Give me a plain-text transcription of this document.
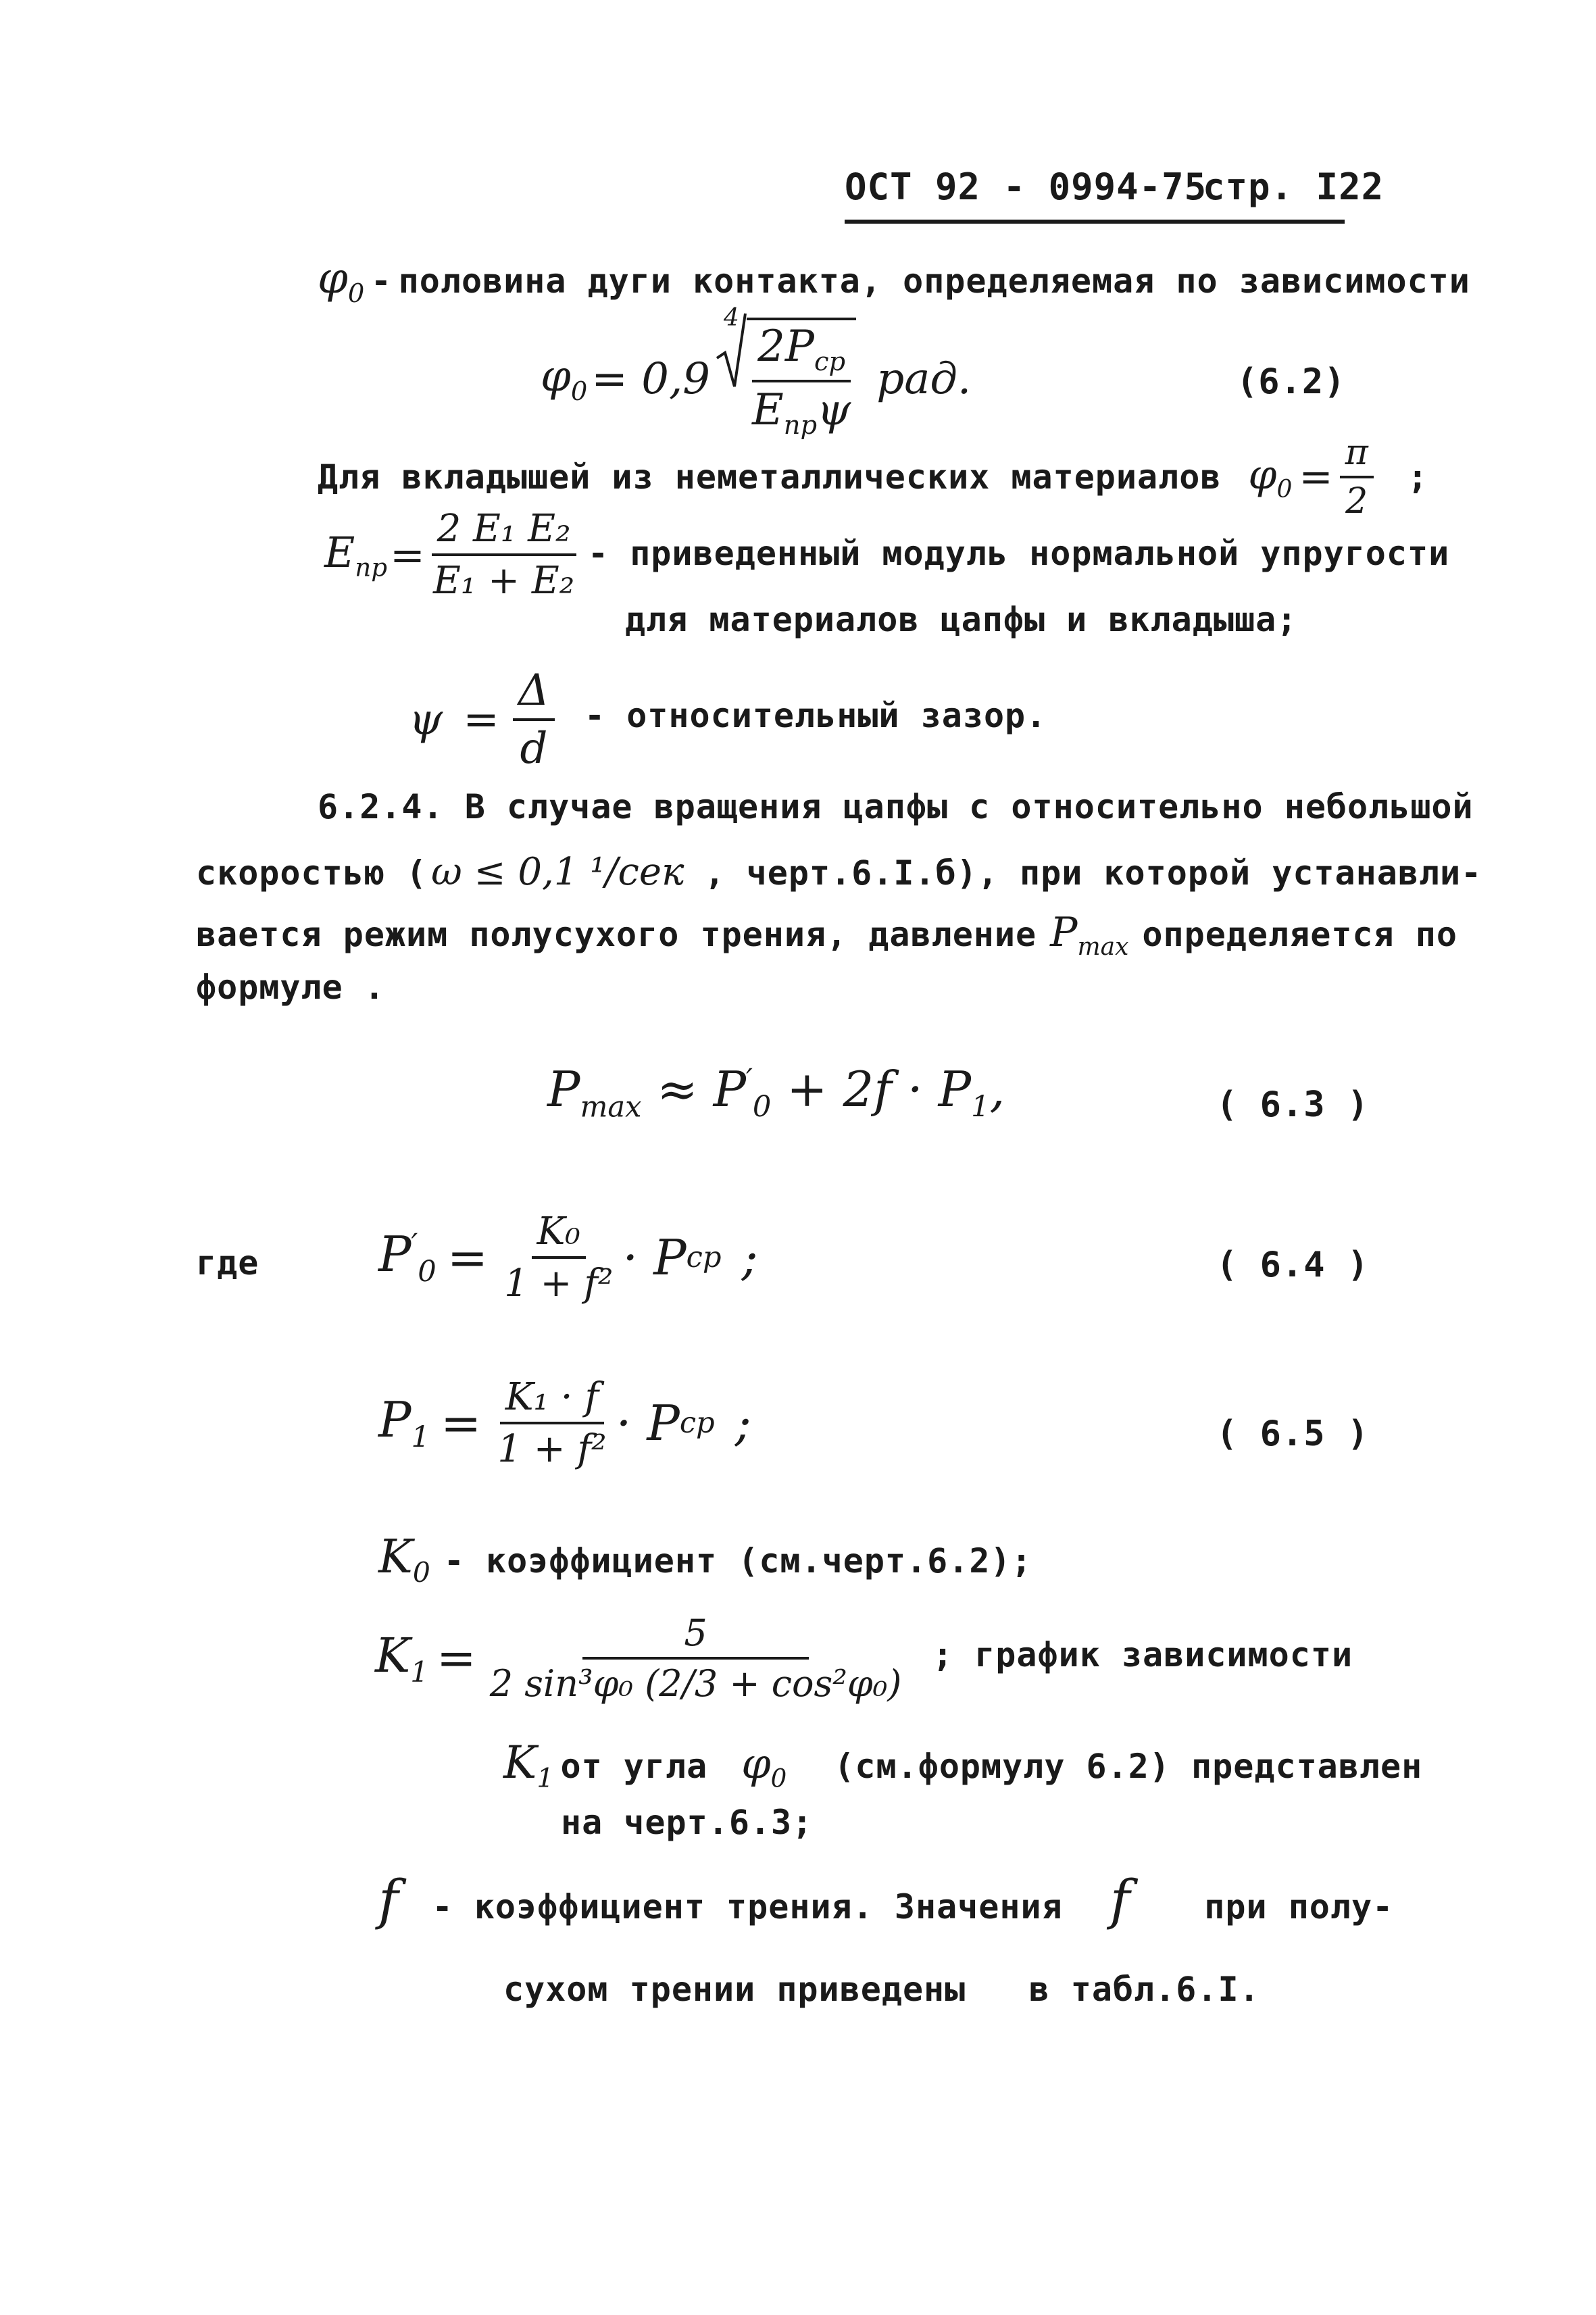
ОСТ 92 - 0994-75
стр. I22
$\varphi_0$ - половина дуги контакта, определяемая по зависимости
$\varphi_0 = 0,9$
$4 \frac{2P_{ср}}{E_{пр}\psi}$ рад.	(6.2)
Для вкладышей из неметаллических материалов $\varphi_0 = \frac{\pi}{2}$ ;
$E_{пр} = \frac{\text{2 E₁ E₂}}{\text{E₁ + E₂}}$ - приведенный модуль нормальной упругости
для материалов цапфы и вкладыша;
$\psi = \frac{\Delta}{d}$ - относительный зазор.
6.2.4. В случае вращения цапфы с относительно небольшой
скоростью ( ω ≤ 0,1 ¹/сек , черт.6.I.б), при которой устанавли-
вается режим полусухого трения, давление $P_{max}$ определяется по
формуле .
$P_{max} \approx P'_0 + 2f \cdot P_1$,	( 6.3 )
где $P'_0 = \frac{\text{K₀}}{\text{1 + f²}} \cdot P$ ср ;	( 6.4 )
$P_1 = \frac{\text{K₁ · f}}{\text{1 + f²}} \cdot P$ ср ;	( 6.5 )
$K_0$ - коэффициент (см.черт.6.2);
$K_1 = \frac{5}{\text{2 sin³φ₀ (2/3 + cos²φ₀)}}$ ; график зависимости
$K_1$ от угла $\varphi_0$ (см.формулу 6.2) представлен
на черт.6.3;
f - коэффициент трения. Значения f при полу-
сухом трении приведены   в табл.6.I.
